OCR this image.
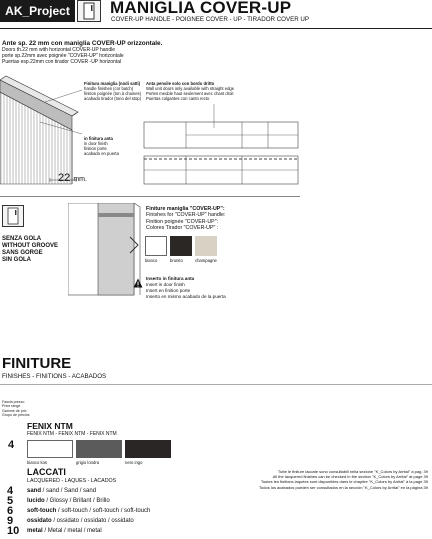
AK_Project	MANIGLIA COVER-UP
COVER-UP HANDLE - POIGNEE COVER - UP - TIRADOR COVER UP
Ante sp. 22 mm con maniglia COVER-UP orizzontale.
Doors th.22 mm with horizontal COVER-UP handle
porte sp.22mm avec poignée "COVER-UP" horizontale
Puertas esp.22mm con tirador COVER -UP horizontal
Finitura maniglia (nodi satti)
handle finishes (cor batch)
finition poignée (ton à chaines)
acabado tirador (tono del stop)
in finitura anta
in door finish
finition porte
acabado en puerta
22 mm.
Anta pensile solo con bordo dritto
Wall unit doors only available with straight edge
Portes meuble haut seulement avec chant droit
Puertas colgantes con canto recto
SENZA GOLA
WITHOUT GROOVE
SANS GORGE
SIN GOLA
Finiture maniglia "COVER-UP":
Finishes for "COVER-UP" handle:
Finition poignée "COVER-UP":
Colores Tirador "COVER-UP" :
bianco	brunito	champagne
Inserto in finitura anta
Insert in door finish
Insert en finition porte
Inserto en mismo acabado de la puerta
FINITURE
FINISHES - FINITIONS - ACABADOS
Fascia prezzo
Price range
Gamme de prix
Grupo de precios
FENIX NTM
FENIX NTM - FENIX NTM - FENIX NTM
4
bianco kos	grigio londra	nero ingo
LACCATI
LACQUERED - LAQUES - LACADOS
Tutte le finiture laccate sono consultabili nella sezione "K_Colors by Arrital" a pag. 39
All the lacquered finishes can be checked in the section "K_Colors by Arrital" at page 39
Toutes les finitions laquées sont disponibles dans le chapitre "K_Colors by Arrital" à la page 39
Todos los acabados pueden ser consultados en la sección "K_Colors by Arrital" en la página 39
4 sand / sand / Sand / sand
5 lucido / Glossy / Brillant / Brillo
6 soft-touch / soft-touch / soft-touch / soft-touch
9 ossidato / ossidato / ossidato / ossidato
10 metal / Metal / metal / metal
